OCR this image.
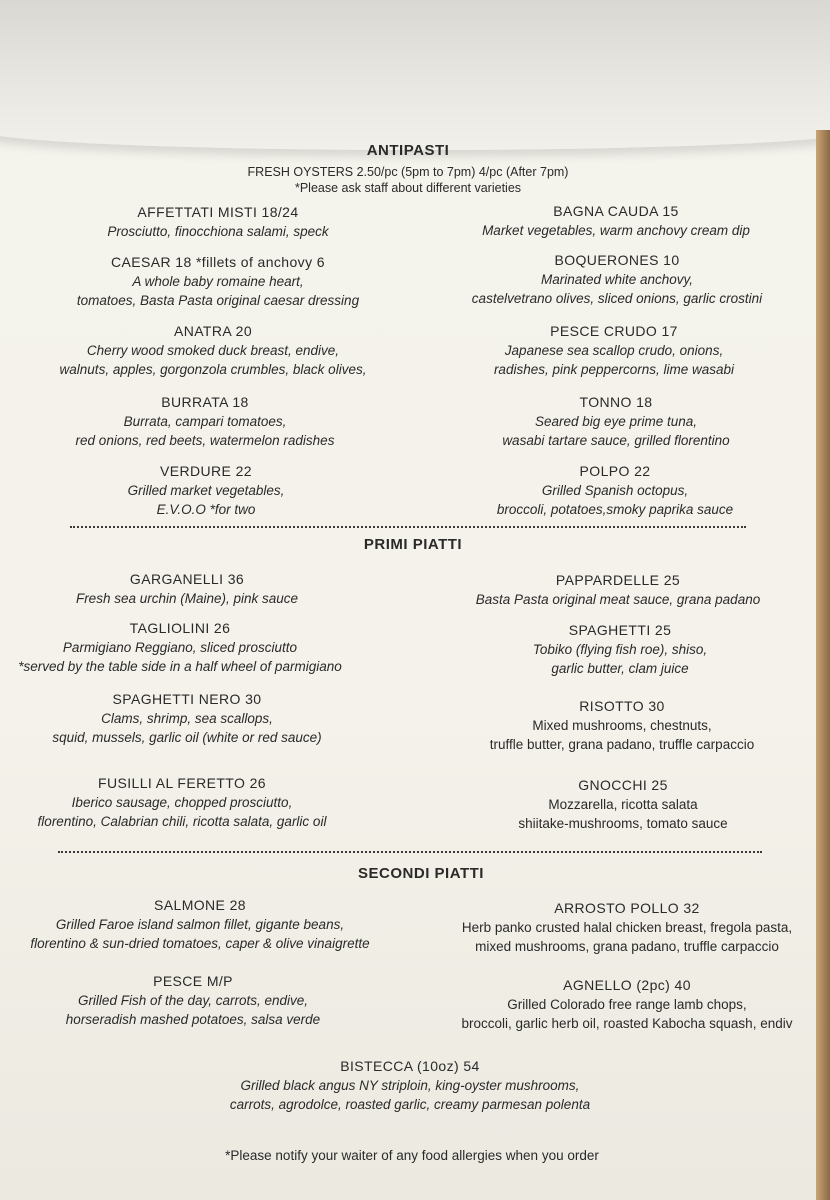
ANTIPASTI
FRESH OYSTERS 2.50/pc (5pm to 7pm) 4/pc (After 7pm)
*Please ask staff about different varieties
AFFETTATI MISTI 18/24
Prosciutto, finocchiona salami, speck
CAESAR 18 *fillets of anchovy 6
A whole baby romaine heart,
tomatoes, Basta Pasta original caesar dressing
ANATRA 20
Cherry wood smoked duck breast, endive,
walnuts, apples, gorgonzola crumbles, black olives,
BURRATA 18
Burrata, campari tomatoes,
red onions, red beets, watermelon radishes
VERDURE 22
Grilled market vegetables,
E.V.O.O *for two
BAGNA CAUDA 15
Market vegetables, warm anchovy cream dip
BOQUERONES 10
Marinated white anchovy,
castelvetrano olives, sliced onions, garlic crostini
PESCE CRUDO 17
Japanese sea scallop crudo, onions,
radishes, pink peppercorns, lime wasabi
TONNO 18
Seared big eye prime tuna,
wasabi tartare sauce, grilled florentino
POLPO 22
Grilled Spanish octopus,
broccoli, potatoes,smoky paprika sauce
PRIMI PIATTI
GARGANELLI 36
Fresh sea urchin (Maine), pink sauce
TAGLIOLINI 26
Parmigiano Reggiano, sliced prosciutto
*served by the table side in a half wheel of parmigiano
SPAGHETTI NERO 30
Clams, shrimp, sea scallops,
squid, mussels, garlic oil (white or red sauce)
FUSILLI AL FERETTO 26
Iberico sausage, chopped prosciutto,
florentino, Calabrian chili, ricotta salata, garlic oil
PAPPARDELLE 25
Basta Pasta original meat sauce, grana padano
SPAGHETTI 25
Tobiko (flying fish roe), shiso,
garlic butter, clam juice
RISOTTO 30
Mixed mushrooms, chestnuts,
truffle butter, grana padano, truffle carpaccio
GNOCCHI 25
Mozzarella, ricotta salata
shiitake-mushrooms, tomato sauce
SECONDI PIATTI
SALMONE 28
Grilled Faroe island salmon fillet, gigante beans,
florentino & sun-dried tomatoes, caper & olive vinaigrette
PESCE M/P
Grilled Fish of the day, carrots, endive,
horseradish mashed potatoes, salsa verde
ARROSTO POLLO 32
Herb panko crusted halal chicken breast, fregola pasta,
mixed mushrooms, grana padano, truffle carpaccio
AGNELLO (2pc) 40
Grilled Colorado free range lamb chops,
broccoli, garlic herb oil, roasted Kabocha squash, endiv
BISTECCA (10oz) 54
Grilled black angus NY striploin, king-oyster mushrooms,
carrots, agrodolce, roasted garlic, creamy parmesan polenta
*Please notify your waiter of any food allergies when you order
